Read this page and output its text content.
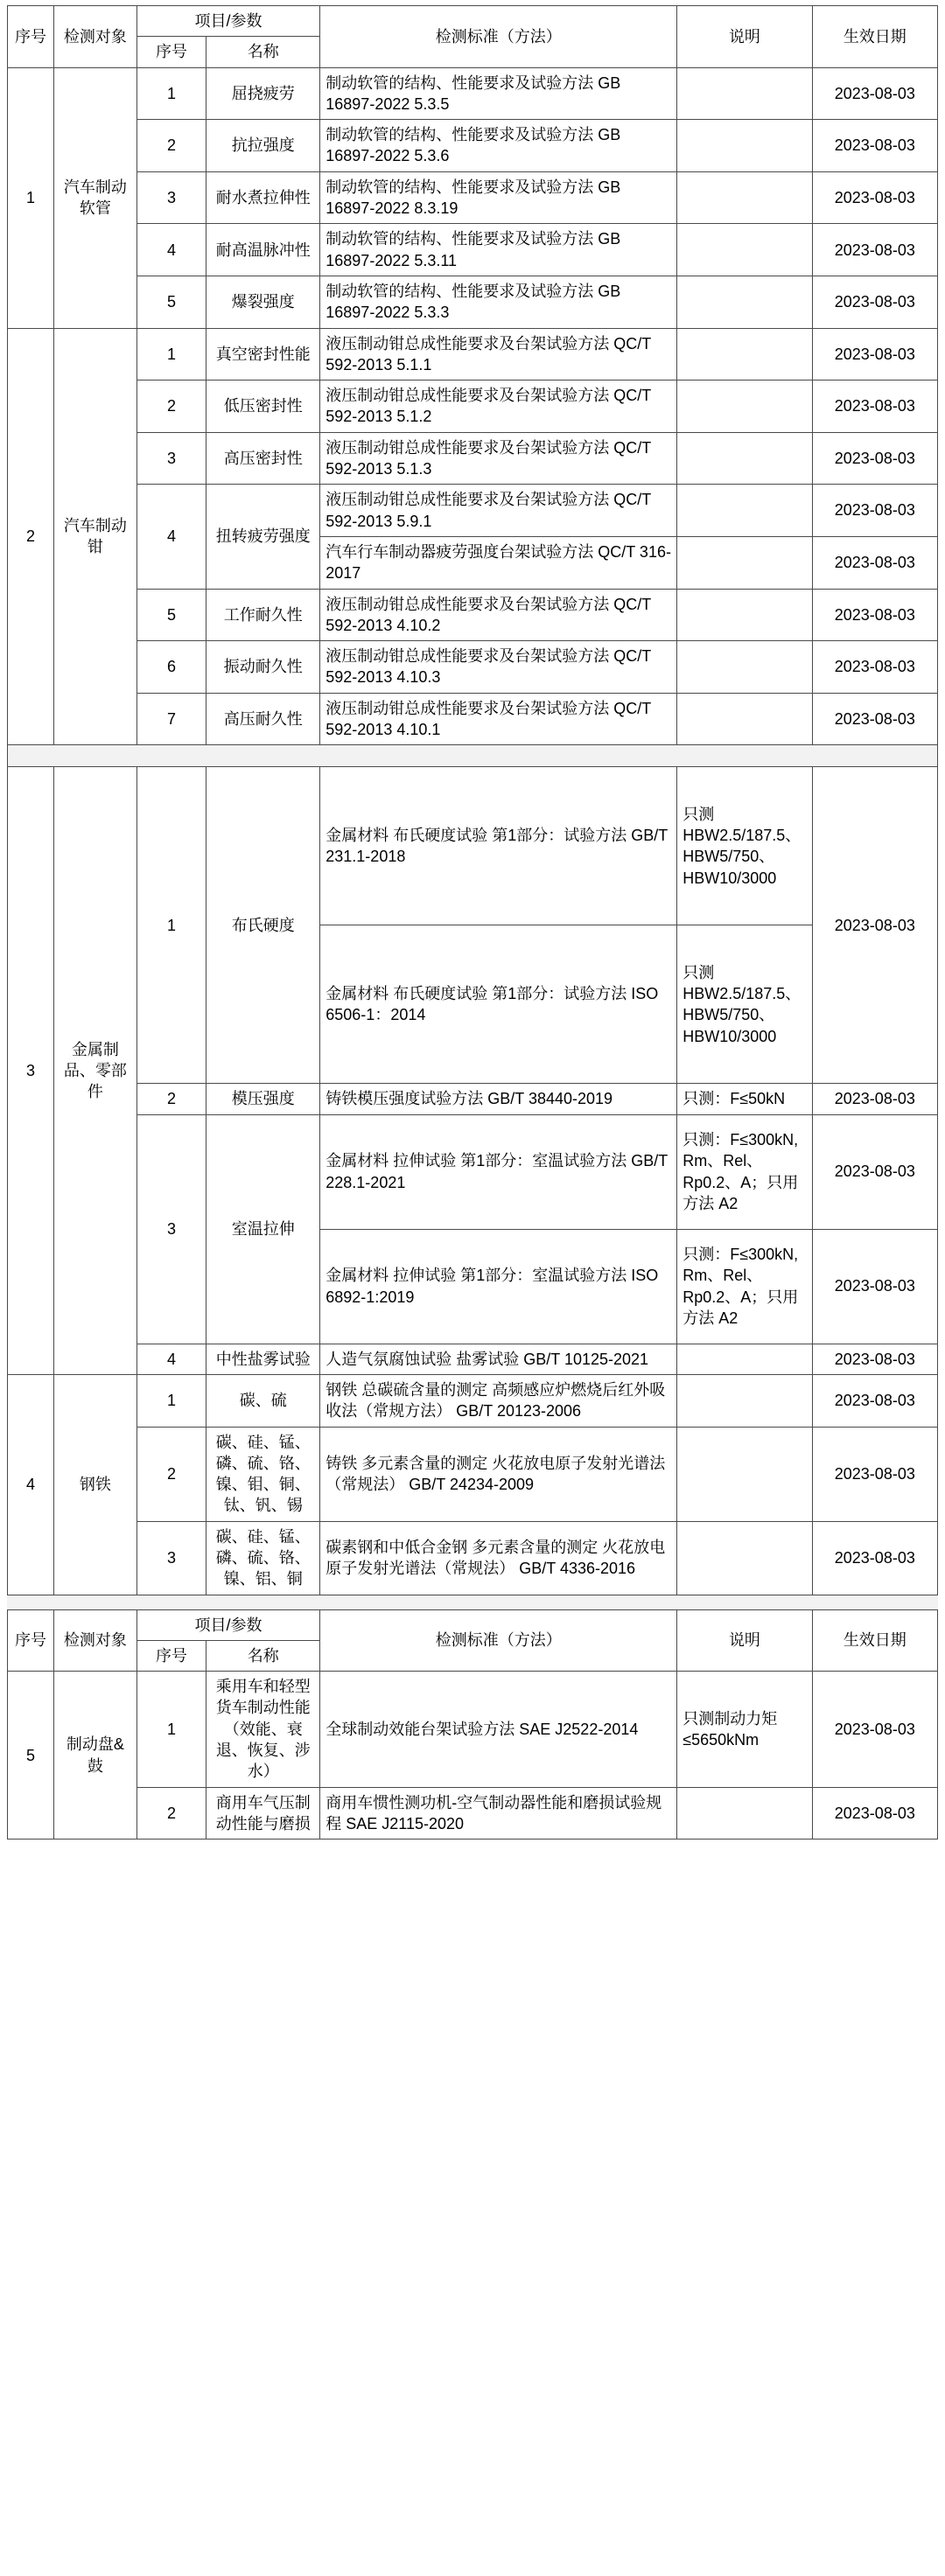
序号	检测对象	项目/参数		检测标准（方法）	说明	生效日期
		序号	名称			
1	汽车制动软管	1	屈挠疲劳	制动软管的结构、性能要求及试验方法 GB 16897-2022 5.3.5		2023-08-03
		2	抗拉强度	制动软管的结构、性能要求及试验方法 GB 16897-2022 5.3.6		2023-08-03
		3	耐水煮拉伸性	制动软管的结构、性能要求及试验方法 GB 16897-2022 8.3.19		2023-08-03
		4	耐高温脉冲性	制动软管的结构、性能要求及试验方法 GB 16897-2022 5.3.11		2023-08-03
		5	爆裂强度	制动软管的结构、性能要求及试验方法 GB 16897-2022 5.3.3		2023-08-03
2	汽车制动钳	1	真空密封性能	液压制动钳总成性能要求及台架试验方法 QC/T 592-2013 5.1.1		2023-08-03
		2	低压密封性	液压制动钳总成性能要求及台架试验方法 QC/T 592-2013 5.1.2		2023-08-03
		3	高压密封性	液压制动钳总成性能要求及台架试验方法 QC/T 592-2013 5.1.3		2023-08-03
		4	扭转疲劳强度	液压制动钳总成性能要求及台架试验方法 QC/T 592-2013 5.9.1		2023-08-03
				汽车行车制动器疲劳强度台架试验方法 QC/T 316-2017		2023-08-03
		5	工作耐久性	液压制动钳总成性能要求及台架试验方法 QC/T 592-2013 4.10.2		2023-08-03
		6	振动耐久性	液压制动钳总成性能要求及台架试验方法 QC/T 592-2013 4.10.3		2023-08-03
		7	高压耐久性	液压制动钳总成性能要求及台架试验方法 QC/T 592-2013 4.10.1		2023-08-03

3	金属制品、零部件	1	布氏硬度	金属材料 布氏硬度试验 第1部分：试验方法 GB/T 231.1-2018	只测HBW2.5/187.5、HBW5/750、HBW10/3000	2023-08-03
				金属材料 布氏硬度试验 第1部分：试验方法 ISO 6506-1：2014	只测HBW2.5/187.5、HBW5/750、HBW10/3000	
		2	模压强度	铸铁模压强度试验方法 GB/T 38440-2019	只测：F≤50kN	2023-08-03
		3	室温拉伸	金属材料 拉伸试验 第1部分：室温试验方法 GB/T 228.1-2021	只测：F≤300kN, Rm、Rel、Rp0.2、A；只用方法 A2	2023-08-03
				金属材料 拉伸试验 第1部分：室温试验方法 ISO 6892-1:2019	只测：F≤300kN, Rm、Rel、Rp0.2、A；只用方法 A2	2023-08-03
		4	中性盐雾试验	人造气氛腐蚀试验 盐雾试验 GB/T 10125-2021		2023-08-03
4	钢铁	1	碳、硫	钢铁 总碳硫含量的测定 高频感应炉燃烧后红外吸收法（常规方法） GB/T 20123-2006		2023-08-03
		2	碳、硅、锰、磷、硫、铬、镍、钼、铜、钛、钒、锡	铸铁 多元素含量的测定 火花放电原子发射光谱法 （常规法） GB/T 24234-2009		2023-08-03
		3	碳、硅、锰、磷、硫、铬、镍、铝、铜	碳素钢和中低合金钢 多元素含量的测定 火花放电原子发射光谱法（常规法） GB/T 4336-2016		2023-08-03
序号	检测对象	项目/参数		检测标准（方法）	说明	生效日期
		序号	名称			
5	制动盘&鼓	1	乘用车和轻型货车制动性能（效能、衰退、恢复、涉水）	全球制动效能台架试验方法 SAE J2522-2014	只测制动力矩≤5650kNm	2023-08-03
		2	商用车气压制动性能与磨损	商用车惯性测功机-空气制动器性能和磨损试验规程 SAE J2115-2020		2023-08-03
